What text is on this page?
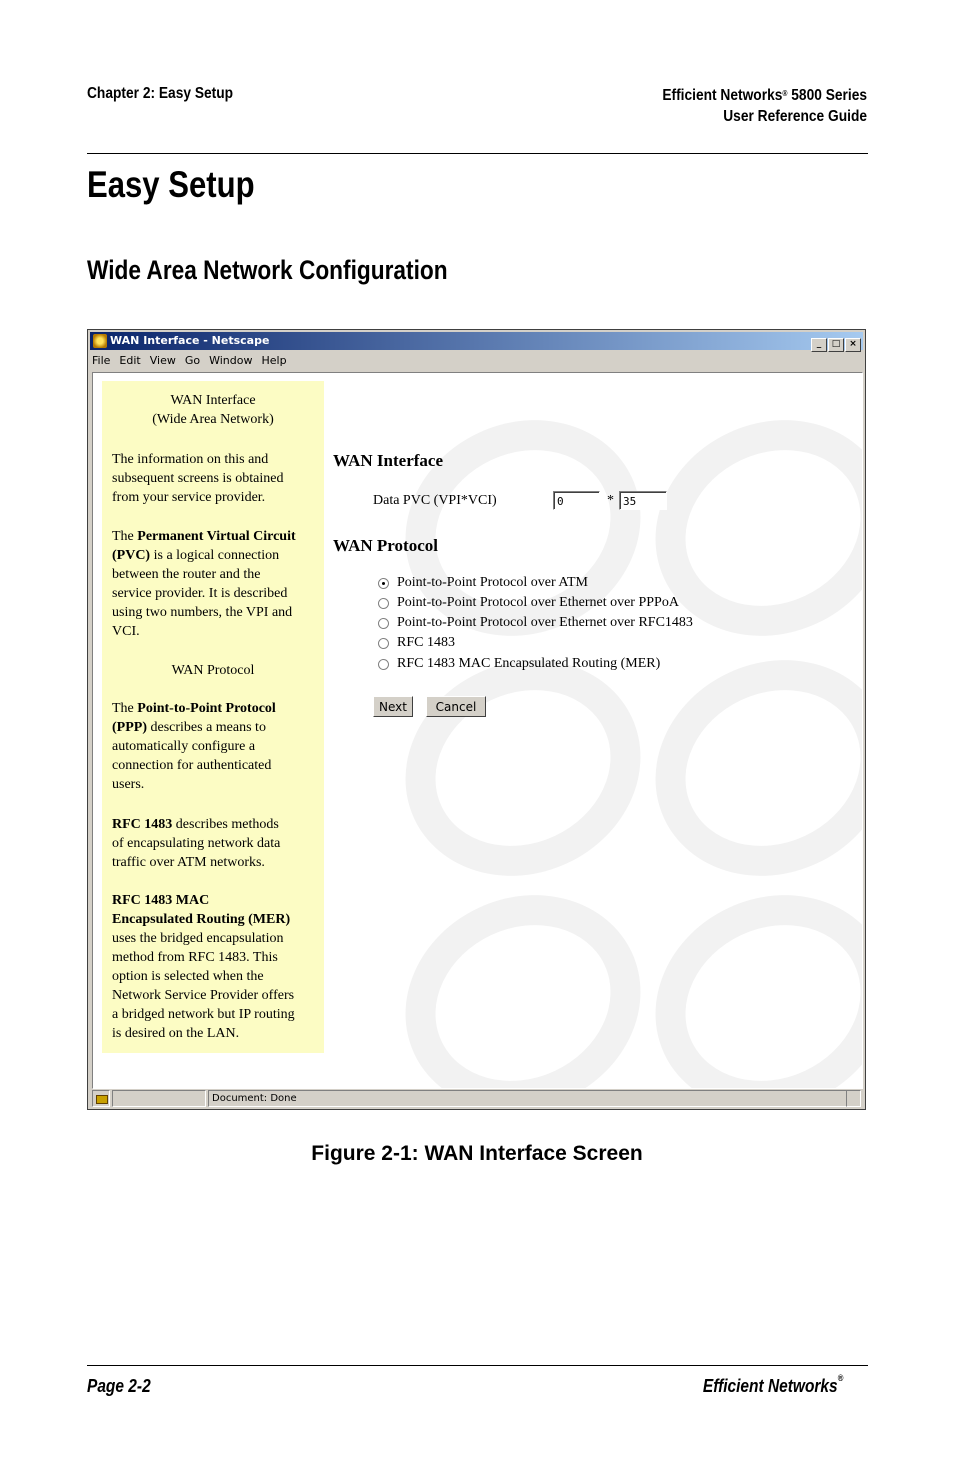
Chapter 2: Easy Setup	Efficient Networks® 5800 Series
User Reference Guide
Easy Setup
Wide Area Network Configuration
WAN Interface - Netscape	_ □ ×
File Edit View Go Window Help

WAN Interface
(Wide Area Network)

The information on this and
subsequent screens is obtained
from your service provider.

The Permanent Virtual Circuit
(PVC) is a logical connection
between the router and the
service provider. It is described
using two numbers, the VPI and
VCI.

WAN Protocol

The Point-to-Point Protocol
(PPP) describes a means to
automatically configure a
connection for authenticated
users.

RFC 1483 describes methods
of encapsulating network data
traffic over ATM networks.

RFC 1483 MAC
Encapsulated Routing (MER)
uses the bridged encapsulation
method from RFC 1483. This
option is selected when the
Network Service Provider offers
a bridged network but IP routing
is desired on the LAN.

WAN Interface
Data PVC (VPI*VCI)	0	* 35
WAN Protocol
Point-to-Point Protocol over ATM
Point-to-Point Protocol over Ethernet over PPPoA
Point-to-Point Protocol over Ethernet over RFC1483
RFC 1483
RFC 1483 MAC Encapsulated Routing (MER)
Next	Cancel
Document: Done
Figure 2-1: WAN Interface Screen
Page 2-2	Efficient Networks®
